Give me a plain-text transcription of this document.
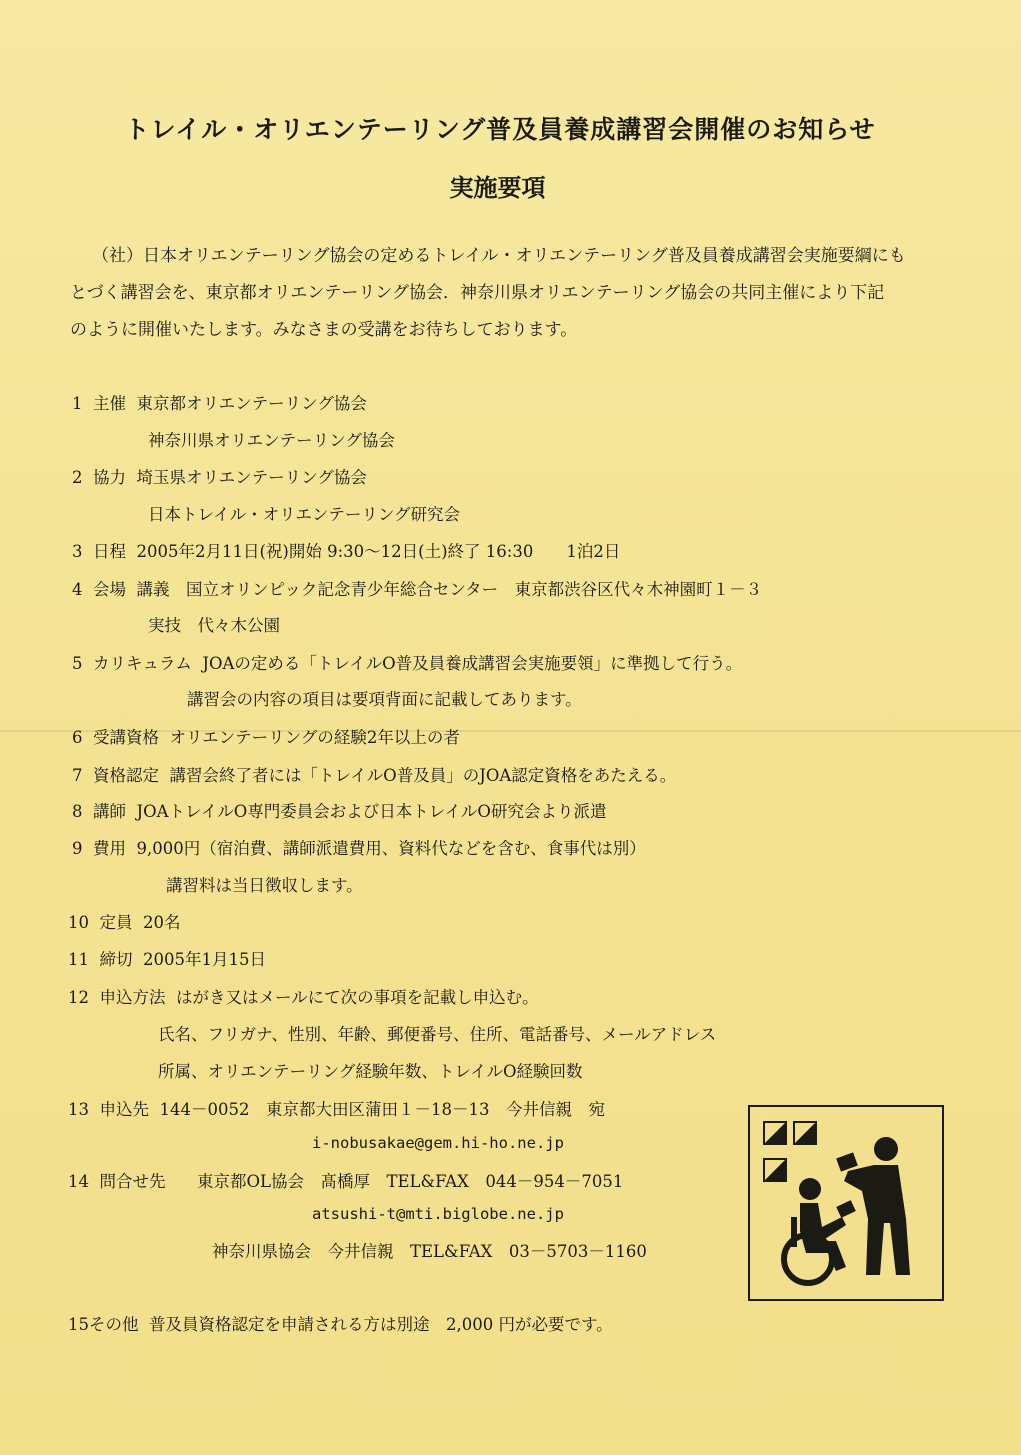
トレイル・オリエンテーリング普及員養成講習会開催のお知らせ
実施要項
（社）日本オリエンテーリング協会の定めるトレイル・オリエンテーリング普及員養成講習会実施要綱にも
とづく講習会を、東京都オリエンテーリング協会．神奈川県オリエンテーリング協会の共同主催により下記
のように開催いたします。みなさまの受講をお待ちしております。
1 主催 東京都オリエンテーリング協会
神奈川県オリエンテーリング協会
2 協力 埼玉県オリエンテーリング協会
日本トレイル・オリエンテーリング研究会
3 日程 2005年2月11日(祝)開始 9:30～12日(土)終了 16:30　　1泊2日
4 会場 講義　国立オリンピック記念青少年総合センター　東京都渋谷区代々木神園町１－３
実技　代々木公園
5 カリキュラム JOAの定める「トレイルO普及員養成講習会実施要領」に準拠して行う。
講習会の内容の項目は要項背面に記載してあります。
6 受講資格 オリエンテーリングの経験2年以上の者
7 資格認定 講習会終了者には「トレイルO普及員」のJOA認定資格をあたえる。
8 講師 JOAトレイルO専門委員会および日本トレイルO研究会より派遣
9 費用 9,000円（宿泊費、講師派遣費用、資料代などを含む、食事代は別）
講習料は当日徴収します。
10 定員 20名
11 締切 2005年1月15日
12 申込方法 はがき又はメールにて次の事項を記載し申込む。
氏名、フリガナ、性別、年齢、郵便番号、住所、電話番号、メールアドレス
所属、オリエンテーリング経験年数、トレイルO経験回数
13 申込先 144－0052　東京都大田区蒲田１－18－13　今井信親　宛
i-nobusakae@gem.hi-ho.ne.jp
14 問合せ先 東京都OL協会　髙橋厚　TEL&FAX　044－954－7051
atsushi-t@mti.biglobe.ne.jp
神奈川県協会　今井信親　TEL&FAX　03－5703－1160
15その他 普及員資格認定を申請される方は別途　2,000 円が必要です。
